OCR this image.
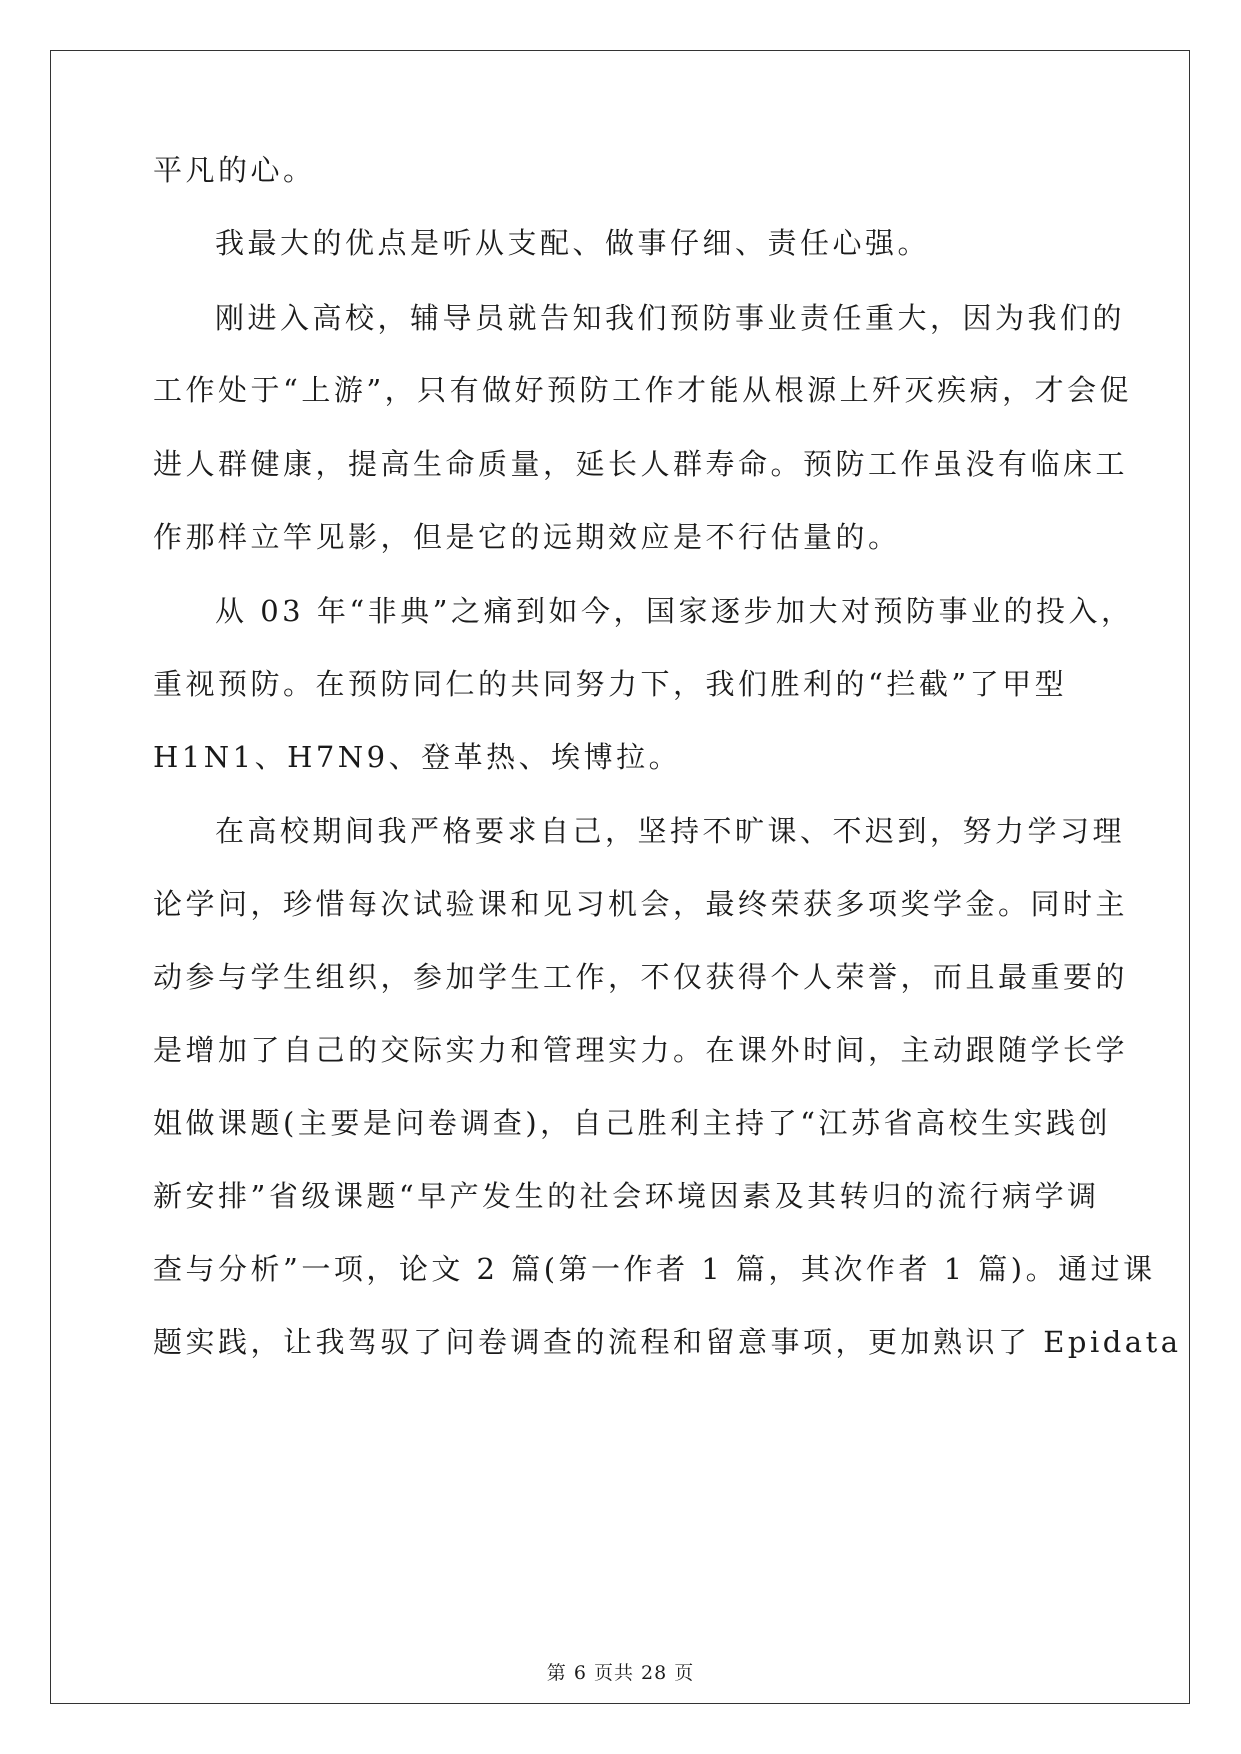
平凡的心。
我最大的优点是听从支配、做事仔细、责任心强。
刚进入高校，辅导员就告知我们预防事业责任重大，因为我们的
工作处于“上游”，只有做好预防工作才能从根源上歼灭疾病，才会促
进人群健康，提高生命质量，延长人群寿命。预防工作虽没有临床工
作那样立竿见影，但是它的远期效应是不行估量的。
从 03 年“非典”之痛到如今，国家逐步加大对预防事业的投入，
重视预防。在预防同仁的共同努力下，我们胜利的“拦截”了甲型
H1N1、H7N9、登革热、埃博拉。
在高校期间我严格要求自己，坚持不旷课、不迟到，努力学习理
论学问，珍惜每次试验课和见习机会，最终荣获多项奖学金。同时主
动参与学生组织，参加学生工作，不仅获得个人荣誉，而且最重要的
是增加了自己的交际实力和管理实力。在课外时间，主动跟随学长学
姐做课题(主要是问卷调查)，自己胜利主持了“江苏省高校生实践创
新安排”省级课题“早产发生的社会环境因素及其转归的流行病学调
查与分析”一项，论文 2 篇(第一作者 1 篇，其次作者 1 篇)。通过课
题实践，让我驾驭了问卷调查的流程和留意事项，更加熟识了 Epidata
第 6 页共 28 页
